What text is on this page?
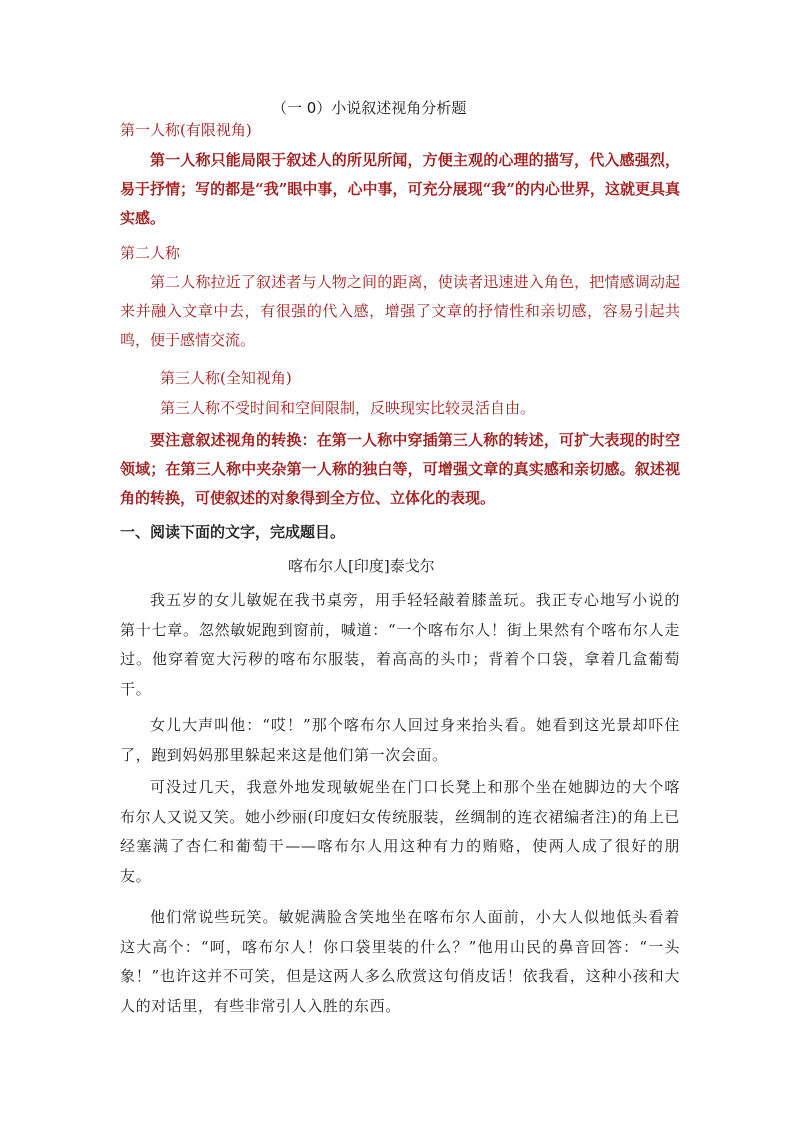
（一 0）小说叙述视角分析题
第一人称(有限视角)
第一人称只能局限于叙述人的所见所闻，方便主观的心理的描写，代入感强烈，易于抒情；写的都是“我”眼中事，心中事，可充分展现“我”的内心世界，这就更具真实感。
第二人称
第二人称拉近了叙述者与人物之间的距离，使读者迅速进入角色，把情感调动起来并融入文章中去，有很强的代入感，增强了文章的抒情性和亲切感，容易引起共鸣，便于感情交流。
第三人称(全知视角)
第三人称不受时间和空间限制，反映现实比较灵活自由。
要注意叙述视角的转换：在第一人称中穿插第三人称的转述，可扩大表现的时空领域；在第三人称中夹杂第一人称的独白等，可增强文章的真实感和亲切感。叙述视角的转换，可使叙述的对象得到全方位、立体化的表现。
一、阅读下面的文字，完成题目。
喀布尔人[印度]泰戈尔
我五岁的女儿敏妮在我书桌旁，用手轻轻敲着膝盖玩。我正专心地写小说的第十七章。忽然敏妮跑到窗前，喊道：“一个喀布尔人！街上果然有个喀布尔人走过。他穿着宽大污秽的喀布尔服装，着高高的头巾；背着个口袋，拿着几盒葡萄干。
女儿大声叫他：“哎！”那个喀布尔人回过身来抬头看。她看到这光景却吓住了，跑到妈妈那里躲起来这是他们第一次会面。
可没过几天，我意外地发现敏妮坐在门口长凳上和那个坐在她脚边的大个喀布尔人又说又笑。她小纱丽(印度妇女传统服装，丝绸制的连衣裙编者注)的角上已经塞满了杏仁和葡萄干——喀布尔人用这种有力的贿赂，使两人成了很好的朋友。
他们常说些玩笑。敏妮满脸含笑地坐在喀布尔人面前，小大人似地低头看着这大高个：“呵，喀布尔人！你口袋里装的什么？”他用山民的鼻音回答：“一头象！”也许这并不可笑，但是这两人多么欣赏这句俏皮话！依我看，这种小孩和大人的对话里，有些非常引人入胜的东西。
